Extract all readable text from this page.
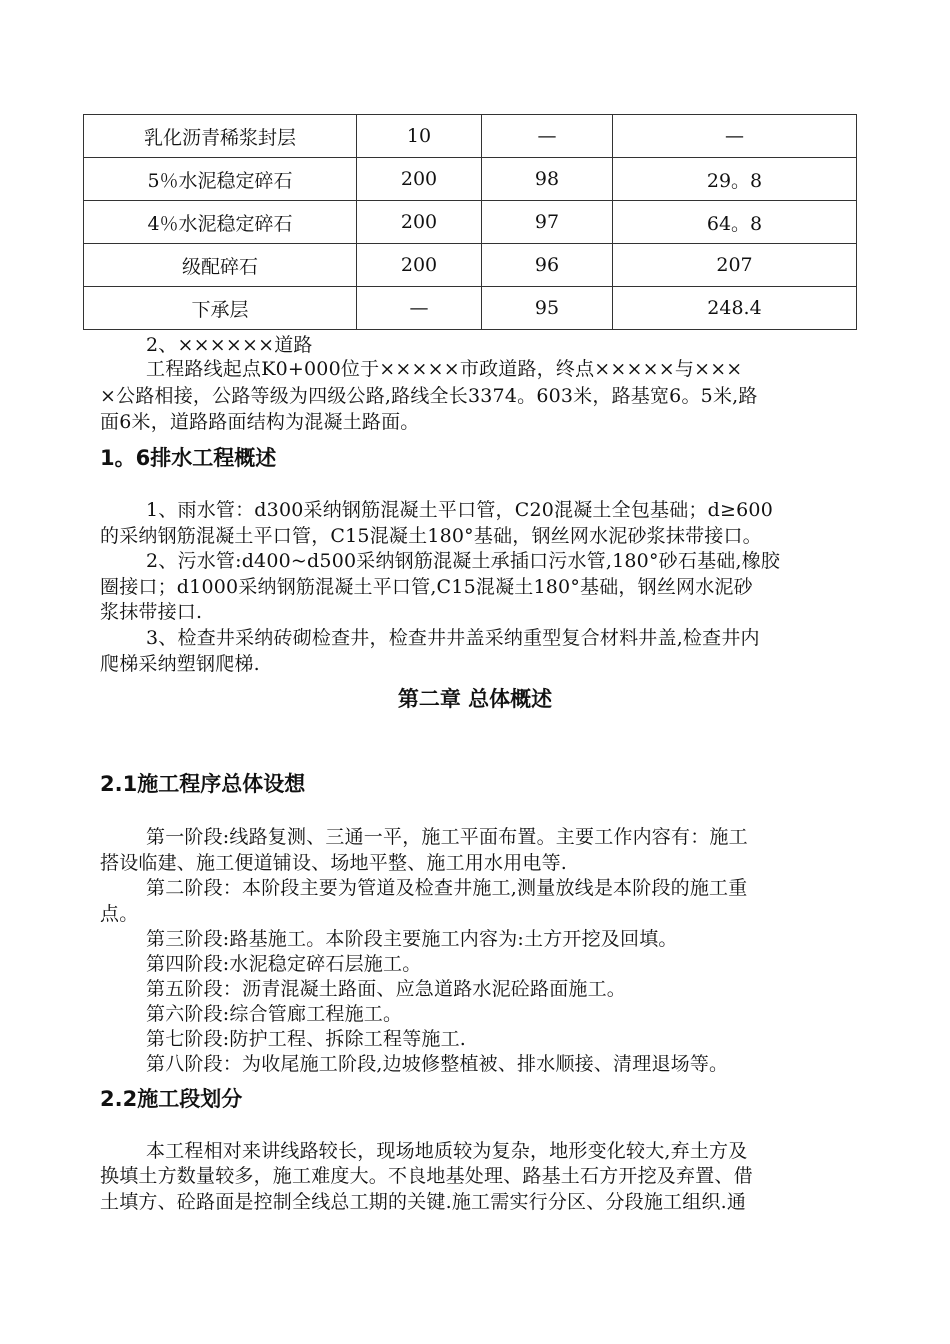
乳化沥青稀浆封层	10	—	—
5％水泥稳定碎石	200	98	29。8
4％水泥稳定碎石	200	97	64。8
级配碎石	200	96	207
下承层	—	95	248.4
2、××××××道路
工程路线起点K0+000位于×××××市政道路，终点×××××与×××
×公路相接，公路等级为四级公路,路线全长3374。603米，路基宽6。5米,路
面6米，道路路面结构为混凝土路面。
1。6排水工程概述
1、雨水管：d300采纳钢筋混凝土平口管，C20混凝土全包基础；d≥600
的采纳钢筋混凝土平口管，C15混凝土180°基础，钢丝网水泥砂浆抹带接口。
2、污水管:d400~d500采纳钢筋混凝土承插口污水管,180°砂石基础,橡胶
圈接口；d1000采纳钢筋混凝土平口管,C15混凝土180°基础，钢丝网水泥砂
浆抹带接口.
3、检查井采纳砖砌检查井，检查井井盖采纳重型复合材料井盖,检查井内
爬梯采纳塑钢爬梯.
第二章 总体概述
2.1施工程序总体设想
第一阶段:线路复测、三通一平，施工平面布置。主要工作内容有：施工
搭设临建、施工便道铺设、场地平整、施工用水用电等.
第二阶段：本阶段主要为管道及检查井施工,测量放线是本阶段的施工重
点。
第三阶段:路基施工。本阶段主要施工内容为:土方开挖及回填。
第四阶段:水泥稳定碎石层施工。
第五阶段：沥青混凝土路面、应急道路水泥砼路面施工。
第六阶段:综合管廊工程施工。
第七阶段:防护工程、拆除工程等施工.
第八阶段：为收尾施工阶段,边坡修整植被、排水顺接、清理退场等。
2.2施工段划分
本工程相对来讲线路较长，现场地质较为复杂，地形变化较大,弃土方及
换填土方数量较多，施工难度大。不良地基处理、路基土石方开挖及弃置、借
土填方、砼路面是控制全线总工期的关键.施工需实行分区、分段施工组织.通
